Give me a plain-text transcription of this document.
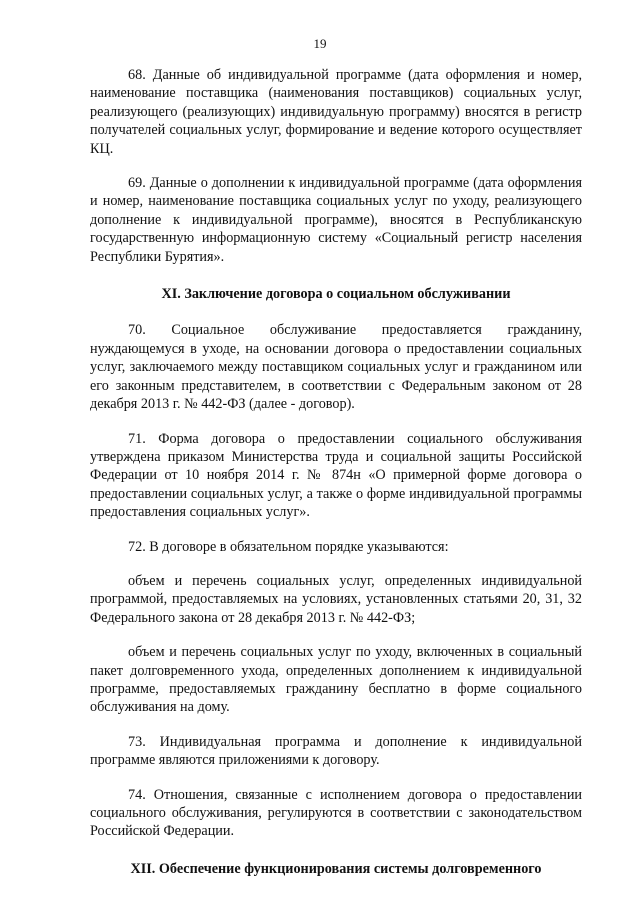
19

68. Данные об индивидуальной программе (дата оформления и номер, наименование поставщика (наименования поставщиков) социальных услуг, реализующего (реализующих) индивидуальную программу) вносятся в регистр получателей социальных услуг, формирование и ведение которого осуществляет КЦ.

69. Данные о дополнении к индивидуальной программе (дата оформления и номер, наименование поставщика социальных услуг по уходу, реализующего дополнение к индивидуальной программе), вносятся в Республиканскую государственную информационную систему «Социальный регистр населения Республики Бурятия».

XI. Заключение договора о социальном обслуживании

70. Социальное обслуживание предоставляется гражданину, нуждающемуся в уходе, на основании договора о предоставлении социальных услуг, заключаемого между поставщиком социальных услуг и гражданином или его законным представителем, в соответствии с Федеральным законом от 28 декабря 2013 г. № 442-ФЗ (далее - договор).

71. Форма договора о предоставлении социального обслуживания утверждена приказом Министерства труда и социальной защиты Российской Федерации от 10 ноября 2014 г. № 874н «О примерной форме договора о предоставлении социальных услуг, а также о форме индивидуальной программы предоставления социальных услуг».

72. В договоре в обязательном порядке указываются:

объем и перечень социальных услуг, определенных индивидуальной программой, предоставляемых на условиях, установленных статьями 20, 31, 32 Федерального закона от 28 декабря 2013 г. № 442-ФЗ;

объем и перечень социальных услуг по уходу, включенных в социальный пакет долговременного ухода, определенных дополнением к индивидуальной программе, предоставляемых гражданину бесплатно в форме социального обслуживания на дому.

73. Индивидуальная программа и дополнение к индивидуальной программе являются приложениями к договору.

74. Отношения, связанные с исполнением договора о предоставлении социального обслуживания, регулируются в соответствии с законодательством Российской Федерации.

XII. Обеспечение функционирования системы долговременного
